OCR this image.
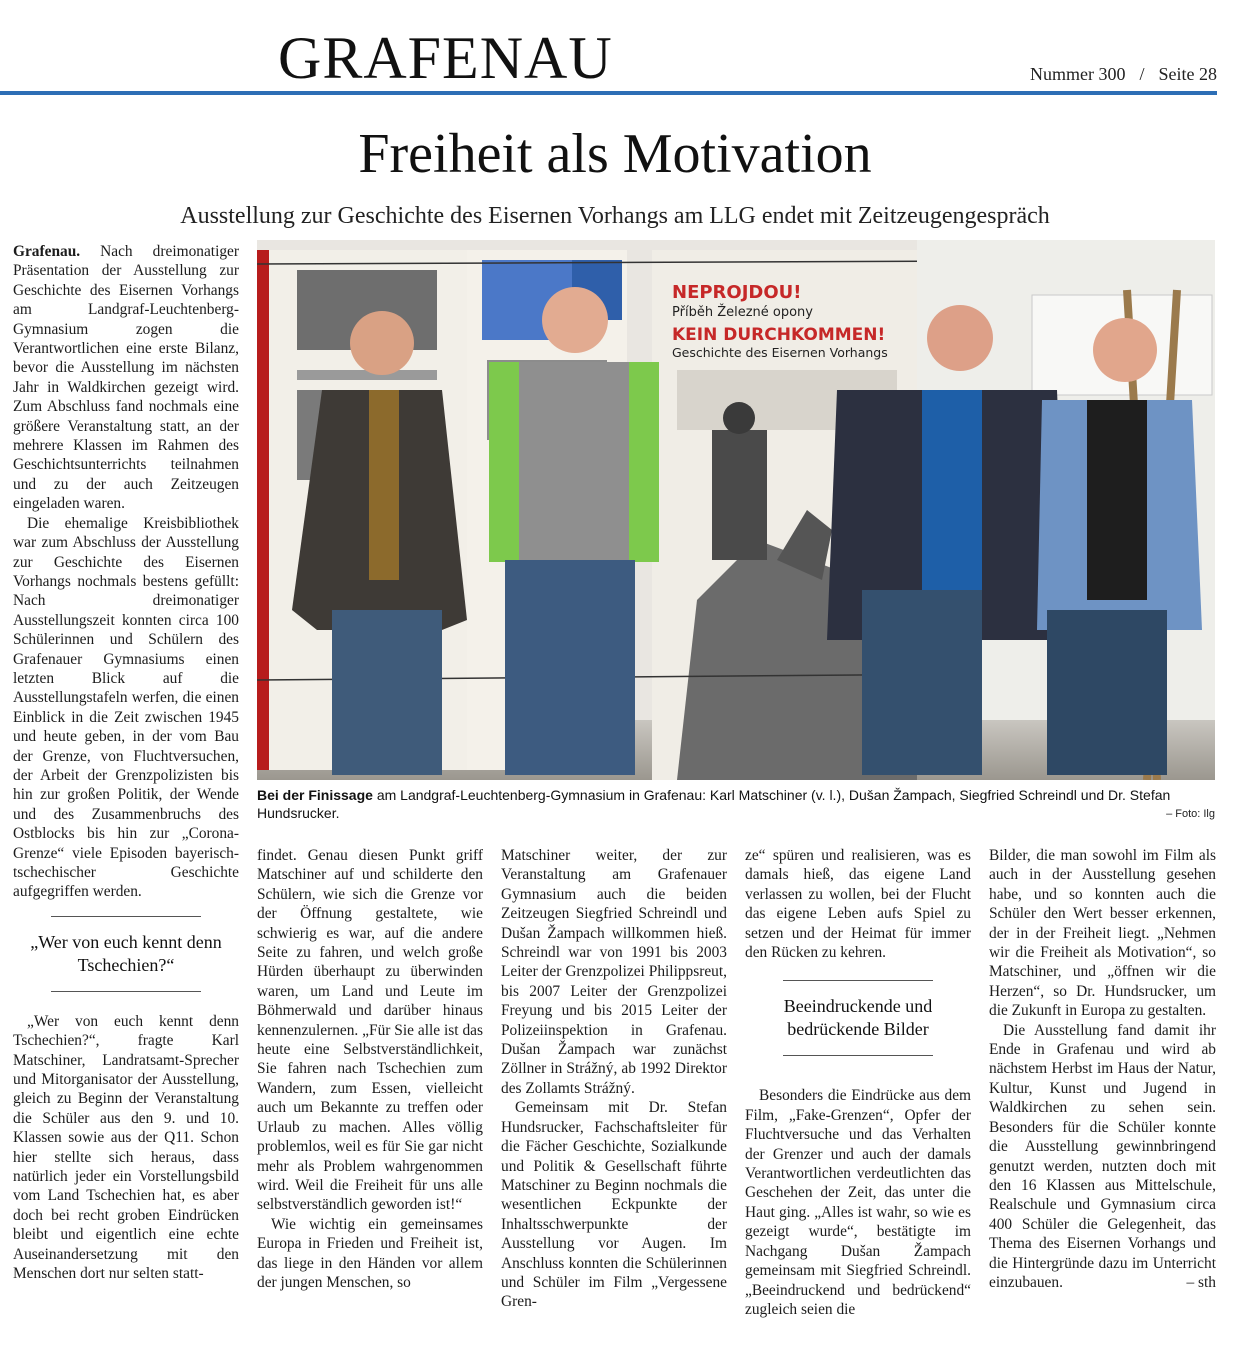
GRAFENAU	Nummer 300 / Seite 28
Freiheit als Motivation
Ausstellung zur Geschichte des Eisernen Vorhangs am LLG endet mit Zeitzeugengespräch

Grafenau. Nach dreimonatiger Präsentation der Ausstellung zur Geschichte des Eisernen Vorhangs am Landgraf-Leuchtenberg-Gymnasium zogen die Verantwortlichen eine erste Bilanz, bevor die Ausstellung im nächsten Jahr in Waldkirchen gezeigt wird. Zum Abschluss fand nochmals eine größere Veranstaltung statt, an der mehrere Klassen im Rahmen des Geschichtsunterrichts teilnahmen und zu der auch Zeitzeugen eingeladen waren.

Die ehemalige Kreisbibliothek war zum Abschluss der Ausstellung zur Geschichte des Eisernen Vorhangs nochmals bestens gefüllt: Nach dreimonatiger Ausstellungszeit konnten circa 100 Schülerinnen und Schülern des Grafenauer Gymnasiums einen letzten Blick auf die Ausstellungstafeln werfen, die einen Einblick in die Zeit zwischen 1945 und heute geben, in der vom Bau der Grenze, von Fluchtversuchen, der Arbeit der Grenzpolizisten bis hin zur großen Politik, der Wende und des Zusammenbruchs des Ostblocks bis hin zur „Corona-Grenze“ viele Episoden bayerisch-tschechischer Geschichte aufgegriffen werden.

„Wer von euch kennt denn Tschechien?“

„Wer von euch kennt denn Tschechien?“, fragte Karl Matschiner, Landratsamt-Sprecher und Mitorganisator der Ausstellung, gleich zu Beginn der Veranstaltung die Schüler aus den 9. und 10. Klassen sowie aus der Q11. Schon hier stellte sich heraus, dass natürlich jeder ein Vorstellungsbild vom Land Tschechien hat, es aber doch bei recht groben Eindrücken bleibt und eigentlich eine echte Auseinandersetzung mit den Menschen dort nur selten statt-

NEPROJDOU!
Příběh Železné opony
KEIN DURCHKOMMEN!
Geschichte des Eisernen Vorhangs
Bei der Finissage am Landgraf-Leuchtenberg-Gymnasium in Grafenau: Karl Matschiner (v. l.), Dušan Žampach, Siegfried Schreindl und Dr. Stefan Hundsrucker.	– Foto: Ilg

findet. Genau diesen Punkt griff Matschiner auf und schilderte den Schülern, wie sich die Grenze vor der Öffnung gestaltete, wie schwierig es war, auf die andere Seite zu fahren, und welch große Hürden überhaupt zu überwinden waren, um Land und Leute im Böhmerwald und darüber hinaus kennenzulernen. „Für Sie alle ist das heute eine Selbstverständlichkeit, Sie fahren nach Tschechien zum Wandern, zum Essen, vielleicht auch um Bekannte zu treffen oder Urlaub zu machen. Alles völlig problemlos, weil es für Sie gar nicht mehr als Problem wahrgenommen wird. Weil die Freiheit für uns alle selbstverständlich geworden ist!“

Wie wichtig ein gemeinsames Europa in Frieden und Freiheit ist, das liege in den Händen vor allem der jungen Menschen, so

Matschiner weiter, der zur Veranstaltung am Grafenauer Gymnasium auch die beiden Zeitzeugen Siegfried Schreindl und Dušan Žampach willkommen hieß. Schreindl war von 1991 bis 2003 Leiter der Grenzpolizei Philippsreut, bis 2007 Leiter der Grenzpolizei Freyung und bis 2015 Leiter der Polizeiinspektion in Grafenau. Dušan Žampach war zunächst Zöllner in Strážný, ab 1992 Direktor des Zollamts Strážný.

Gemeinsam mit Dr. Stefan Hundsrucker, Fachschaftsleiter für die Fächer Geschichte, Sozialkunde und Politik & Gesellschaft führte Matschiner zu Beginn nochmals die wesentlichen Eckpunkte der Inhaltsschwerpunkte der Ausstellung vor Augen. Im Anschluss konnten die Schülerinnen und Schüler im Film „Vergessene Gren-

ze“ spüren und realisieren, was es damals hieß, das eigene Land verlassen zu wollen, bei der Flucht das eigene Leben aufs Spiel zu setzen und der Heimat für immer den Rücken zu kehren.

Beeindruckende und bedrückende Bilder

Besonders die Eindrücke aus dem Film, „Fake-Grenzen“, Opfer der Fluchtversuche und das Verhalten der Grenzer und auch der damals Verantwortlichen verdeutlichten das Geschehen der Zeit, das unter die Haut ging. „Alles ist wahr, so wie es gezeigt wurde“, bestätigte im Nachgang Dušan Žampach gemeinsam mit Siegfried Schreindl. „Beeindruckend und bedrückend“ zugleich seien die

Bilder, die man sowohl im Film als auch in der Ausstellung gesehen habe, und so konnten auch die Schüler den Wert besser erkennen, der in der Freiheit liegt. „Nehmen wir die Freiheit als Motivation“, so Matschiner, und „öffnen wir die Herzen“, so Dr. Hundsrucker, um die Zukunft in Europa zu gestalten.

Die Ausstellung fand damit ihr Ende in Grafenau und wird ab nächstem Herbst im Haus der Natur, Kultur, Kunst und Jugend in Waldkirchen zu sehen sein. Besonders für die Schüler konnte die Ausstellung gewinnbringend genutzt werden, nutzten doch mit den 16 Klassen aus Mittelschule, Realschule und Gymnasium circa 400 Schüler die Gelegenheit, das Thema des Eisernen Vorhangs und die Hintergründe dazu im Unterricht einzubauen.	– sth
